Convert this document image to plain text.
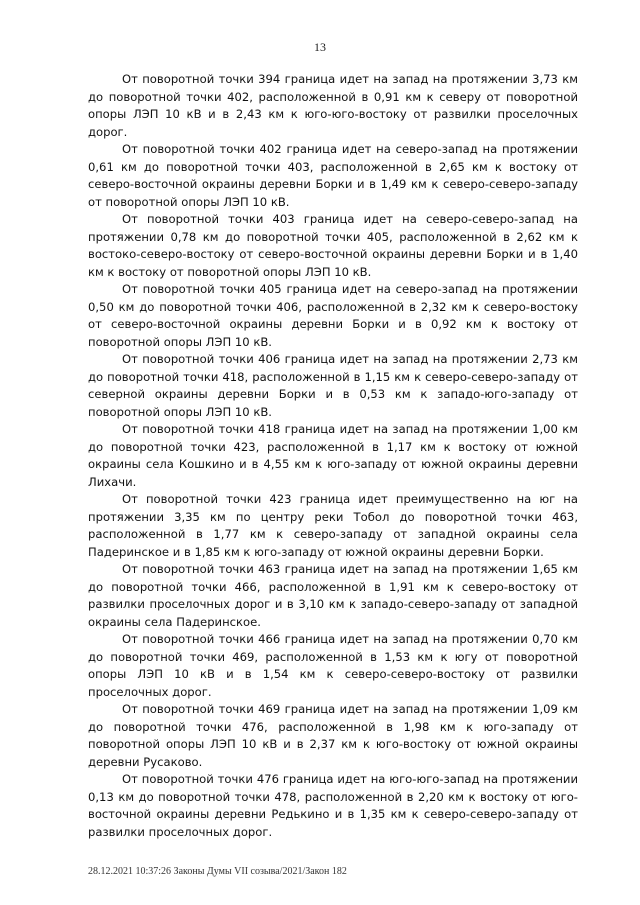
13

От поворотной точки 394 граница идет на запад на протяжении 3,73 км до поворотной точки 402, расположенной в 0,91 км к северу от поворотной опоры ЛЭП 10 кВ и в 2,43 км к юго-юго-востоку от развилки проселочных дорог.

От поворотной точки 402 граница идет на северо-запад на протяжении 0,61 км до поворотной точки 403, расположенной в 2,65 км к востоку от северо-восточной окраины деревни Борки и в 1,49 км к северо-северо-западу от поворотной опоры ЛЭП 10 кВ.

От поворотной точки 403 граница идет на северо-северо-запад на протяжении 0,78 км до поворотной точки 405, расположенной в 2,62 км к востоко-северо-востоку от северо-восточной окраины деревни Борки и в 1,40 км к востоку от поворотной опоры ЛЭП 10 кВ.

От поворотной точки 405 граница идет на северо-запад на протяжении 0,50 км до поворотной точки 406, расположенной в 2,32 км к северо-востоку от северо-восточной окраины деревни Борки и в 0,92 км к востоку от поворотной опоры ЛЭП 10 кВ.

От поворотной точки 406 граница идет на запад на протяжении 2,73 км до поворотной точки 418, расположенной в 1,15 км к северо-северо-западу от северной окраины деревни Борки и в 0,53 км к западо-юго-западу от поворотной опоры ЛЭП 10 кВ.

От поворотной точки 418 граница идет на запад на протяжении 1,00 км до поворотной точки 423, расположенной в 1,17 км к востоку от южной окраины села Кошкино и в 4,55 км к юго-западу от южной окраины деревни Лихачи.

От поворотной точки 423 граница идет преимущественно на юг на протяжении 3,35 км по центру реки Тобол до поворотной точки 463, расположенной в 1,77 км к северо-западу от западной окраины села Падеринское и в 1,85 км к юго-западу от южной окраины деревни Борки.

От поворотной точки 463 граница идет на запад на протяжении 1,65 км до поворотной точки 466, расположенной в 1,91 км к северо-востоку от развилки проселочных дорог и в 3,10 км к западо-северо-западу от западной окраины села Падеринское.

От поворотной точки 466 граница идет на запад на протяжении 0,70 км до поворотной точки 469, расположенной в 1,53 км к югу от поворотной опоры ЛЭП 10 кВ и в 1,54 км к северо-северо-востоку от развилки проселочных дорог.

От поворотной точки 469 граница идет на запад на протяжении 1,09 км до поворотной точки 476, расположенной в 1,98 км к юго-западу от поворотной опоры ЛЭП 10 кВ и в 2,37 км к юго-востоку от южной окраины деревни Русаково.

От поворотной точки 476 граница идет на юго-юго-запад на протяжении 0,13 км до поворотной точки 478, расположенной в 2,20 км к востоку от юго-восточной окраины деревни Редькино и в 1,35 км к северо-северо-западу от развилки проселочных дорог.

28.12.2021 10:37:26 Законы Думы VII созыва/2021/Закон 182
